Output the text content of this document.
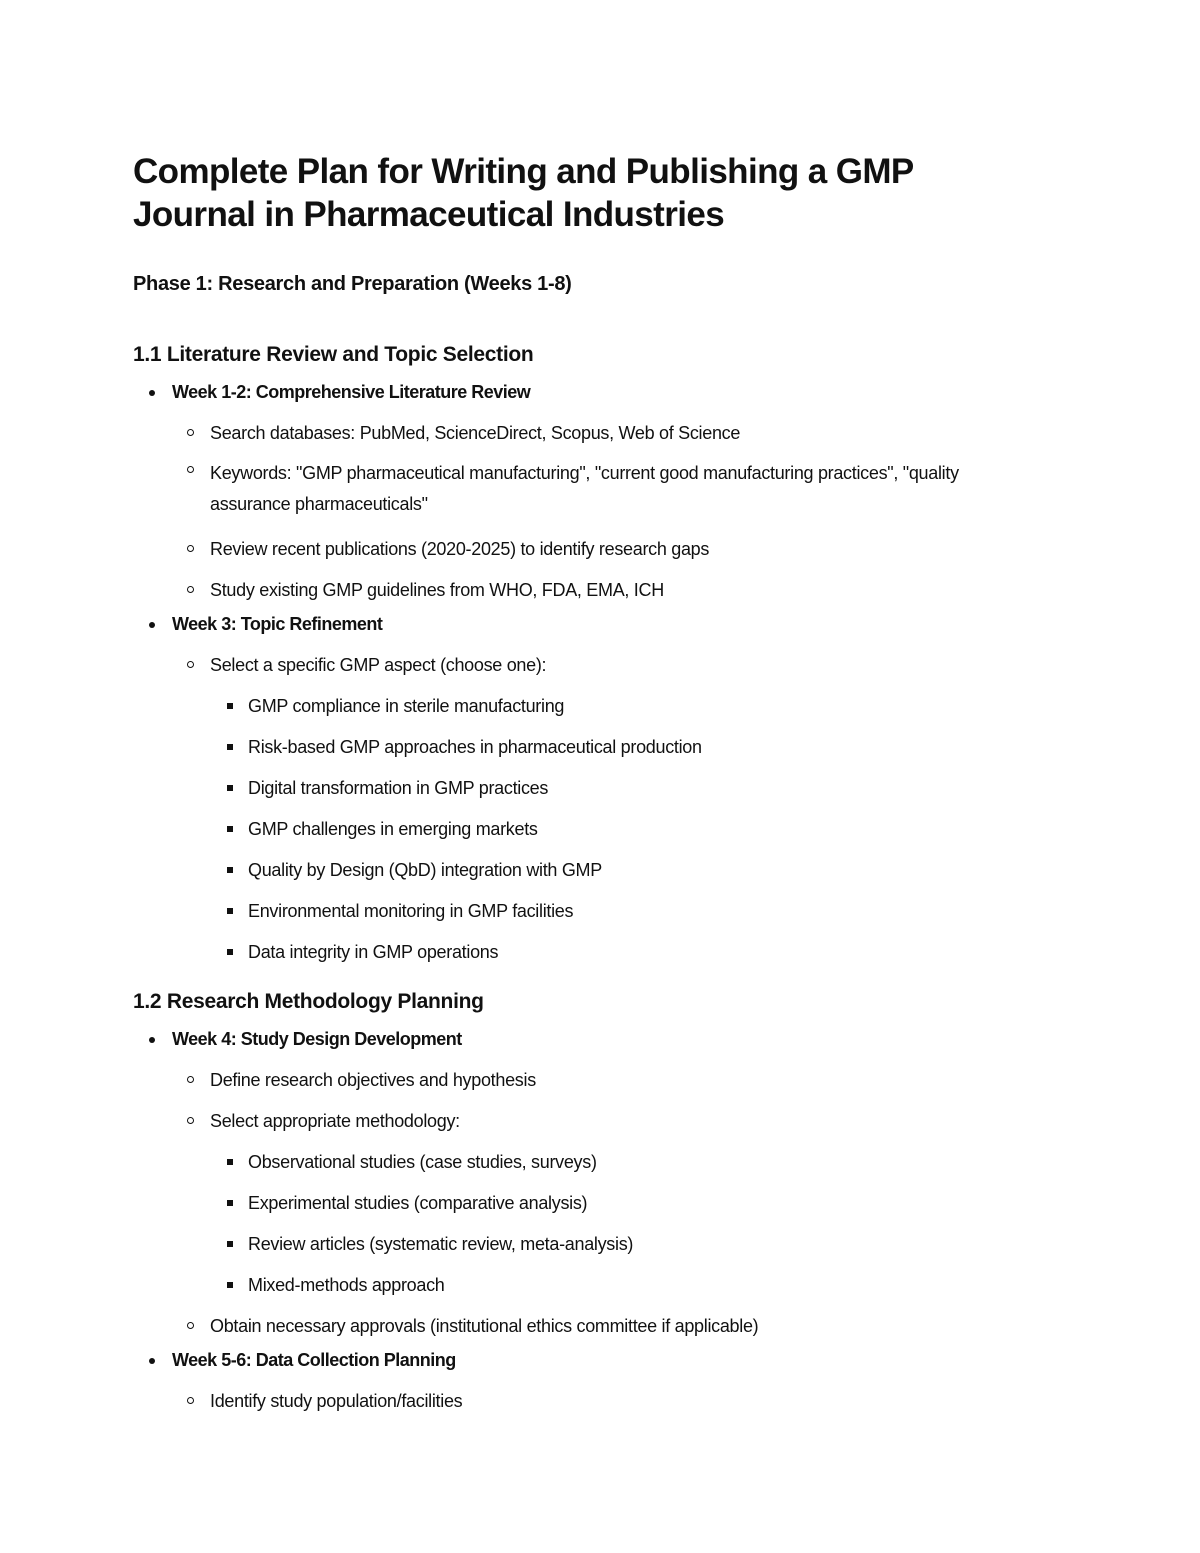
Complete Plan for Writing and Publishing a GMP Journal in Pharmaceutical Industries
Phase 1: Research and Preparation (Weeks 1-8)
1.1 Literature Review and Topic Selection
Week 1-2: Comprehensive Literature Review
Search databases: PubMed, ScienceDirect, Scopus, Web of Science
Keywords: "GMP pharmaceutical manufacturing", "current good manufacturing practices", "quality assurance pharmaceuticals"
Review recent publications (2020-2025) to identify research gaps
Study existing GMP guidelines from WHO, FDA, EMA, ICH
Week 3: Topic Refinement
Select a specific GMP aspect (choose one):
GMP compliance in sterile manufacturing
Risk-based GMP approaches in pharmaceutical production
Digital transformation in GMP practices
GMP challenges in emerging markets
Quality by Design (QbD) integration with GMP
Environmental monitoring in GMP facilities
Data integrity in GMP operations
1.2 Research Methodology Planning
Week 4: Study Design Development
Define research objectives and hypothesis
Select appropriate methodology:
Observational studies (case studies, surveys)
Experimental studies (comparative analysis)
Review articles (systematic review, meta-analysis)
Mixed-methods approach
Obtain necessary approvals (institutional ethics committee if applicable)
Week 5-6: Data Collection Planning
Identify study population/facilities
